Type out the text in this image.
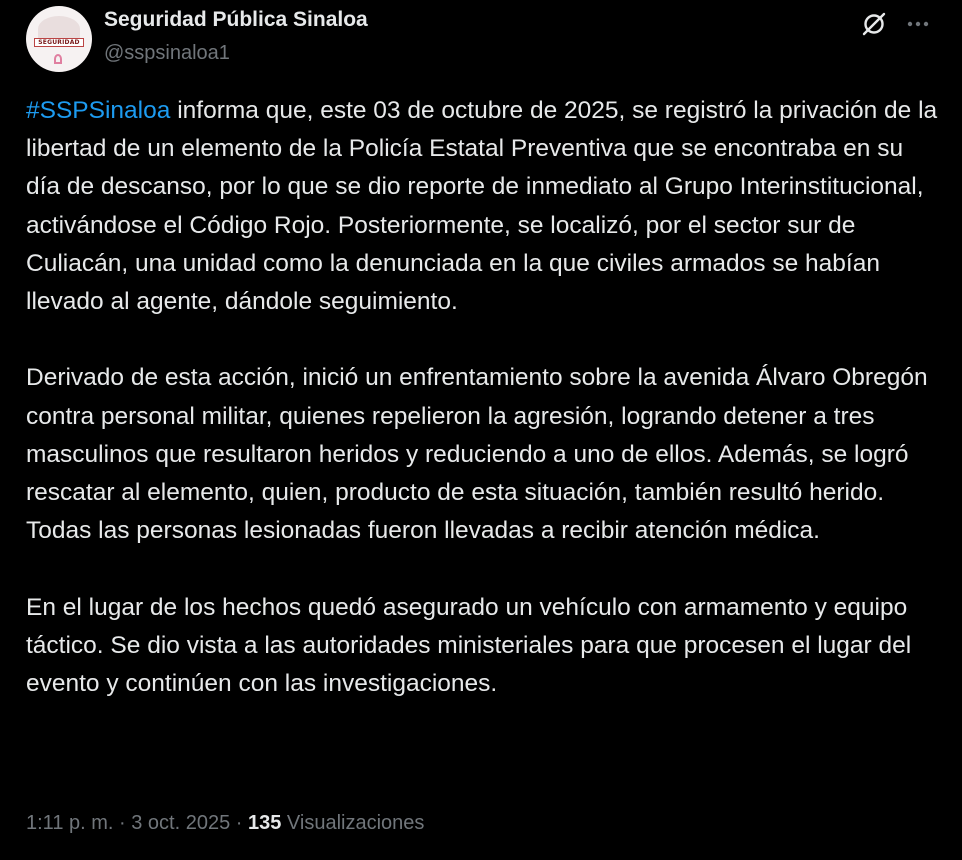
SEGURIDAD
Seguridad Pública Sinaloa
@sspsinaloa1

#SSPSinaloa informa que, este 03 de octubre de 2025, se registró la privación de la libertad de un elemento de la Policía Estatal Preventiva que se encontraba en su día de descanso, por lo que se dio reporte de inmediato al Grupo Interinstitucional, activándose el Código Rojo. Posteriormente, se localizó, por el sector sur de Culiacán, una unidad como la denunciada en la que civiles armados se habían llevado al agente, dándole seguimiento.

Derivado de esta acción, inició un enfrentamiento sobre la avenida Álvaro Obregón contra personal militar, quienes repelieron la agresión, logrando detener a tres masculinos que resultaron heridos y reduciendo a uno de ellos. Además, se logró rescatar al elemento, quien, producto de esta situación, también resultó herido. Todas las personas lesionadas fueron llevadas a recibir atención médica.

En el lugar de los hechos quedó asegurado un vehículo con armamento y equipo táctico. Se dio vista a las autoridades ministeriales para que procesen el lugar del evento y continúen con las investigaciones.

1:11 p. m. · 3 oct. 2025 · 135 Visualizaciones
